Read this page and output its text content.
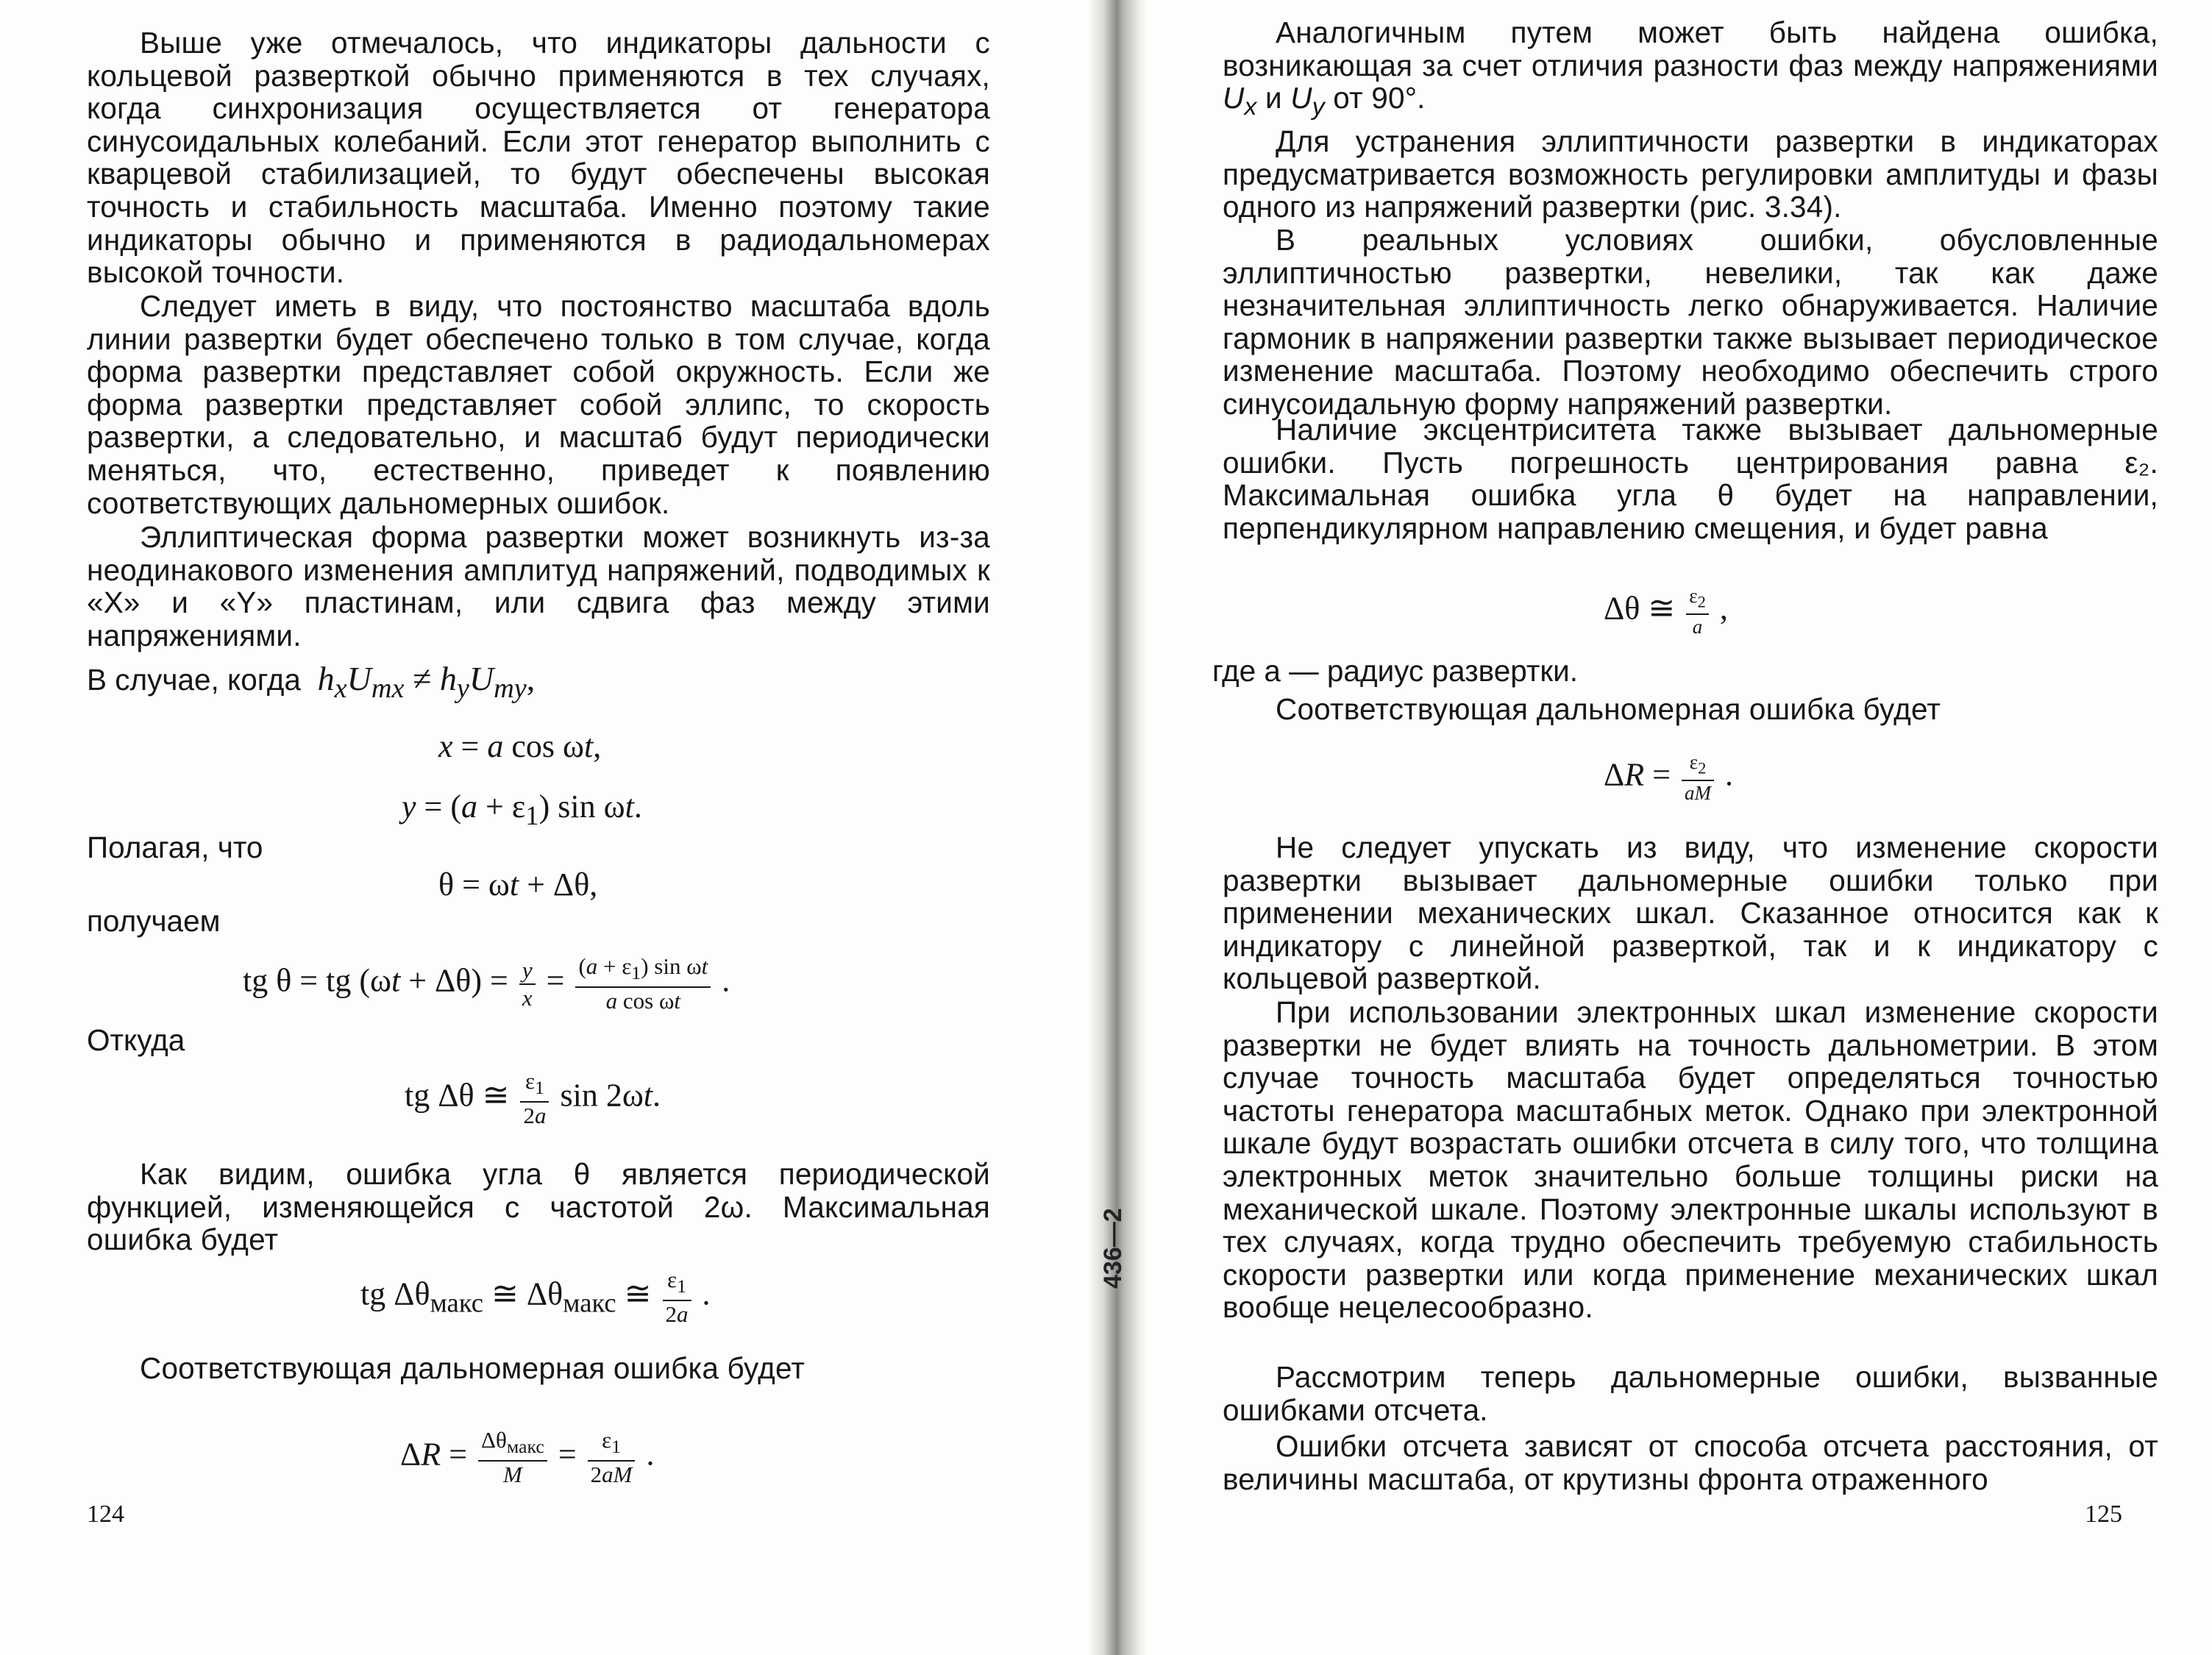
Выше уже отмечалось, что индикаторы дальности с кольцевой разверткой обычно применяются в тех случаях, когда синхронизация осуществляется от генератора синусоидальных колебаний. Если этот генератор выполнить с кварцевой стабилизацией, то будут обеспечены высокая точность и стабильность масштаба. Именно поэтому такие индикаторы обычно и применяются в радиодальномерах высокой точности.

Следует иметь в виду, что постоянство масштаба вдоль линии развертки будет обеспечено только в том случае, когда форма развертки представляет собой окружность. Если же форма развертки представляет собой эллипс, то скорость развертки, а следовательно, и масштаб будут периодически меняться, что, естественно, приведет к появлению соответствующих дальномерных ошибок.

Эллиптическая форма развертки может возникнуть из-за неодинакового изменения амплитуд напряжений, подводимых к «X» и «Y» пластинам, или сдвига фаз между этими напряжениями.

В случае, когда $h_xU_{mx} \ne h_yU_{my}$,
x = a cos ωt,
$y = (a + \varepsilon_1)$ sin ωt.

Полагая, что

θ = ωt + Δθ,

получаем

tg θ = tg $(\omega t + \Delta\theta) = \frac{y}{x} = \frac{(a + \varepsilon_1) \sin \omega t}{\text{a cos ωt}}$ .

Откуда

tg Δθ ≅ $\frac{\varepsilon_1}{2a}$ sin 2ωt.

Как видим, ошибка угла θ является периодической функцией, изменяющейся с частотой 2ω. Максимальная ошибка будет

tg $\Delta\theta_{макс}$ ≅ $\Delta\theta_{макс}$ ≅ $\frac{\varepsilon_1}{2a}$ .

Соответствующая дальномерная ошибка будет

$\Delta R = \frac{\Delta\theta_{макс}}{M} = \frac{\varepsilon_1}{2aM}$ .

124

436—2

Аналогичным путем может быть найдена ошибка, возникающая за счет отличия разности фаз между напряжениями $U_x$ и $U_y$ от 90°.

Для устранения эллиптичности развертки в индикаторах предусматривается возможность регулировки амплитуды и фазы одного из напряжений развертки (рис. 3.34).

В реальных условиях ошибки, обусловленные эллиптичностью развертки, невелики, так как даже незначительная эллиптичность легко обнаруживается. Наличие гармоник в напряжении развертки также вызывает периодическое изменение масштаба. Поэтому необходимо обеспечить строго синусоидальную форму напряжений развертки.

Наличие эксцентриситета также вызывает дальномерные ошибки. Пусть погрешность центрирования равна ε₂. Максимальная ошибка угла θ будет на направлении, перпендикулярном направлению смещения, и будет равна

Δθ ≅ $\frac{\varepsilon_2}{a}$ ,

где a — радиус развертки.

Соответствующая дальномерная ошибка будет

$\Delta R = \frac{\varepsilon_2}{aM}$ .

Не следует упускать из виду, что изменение скорости развертки вызывает дальномерные ошибки только при применении механических шкал. Сказанное относится как к индикатору с линейной разверткой, так и к индикатору с кольцевой разверткой.

При использовании электронных шкал изменение скорости развертки не будет влиять на точность дальнометрии. В этом случае точность масштаба будет определяться точностью частоты генератора масштабных меток. Однако при электронной шкале будут возрастать ошибки отсчета в силу того, что толщина электронных меток значительно больше толщины риски на механической шкале. Поэтому электронные шкалы используют в тех случаях, когда трудно обеспечить требуемую стабильность скорости развертки или когда применение механических шкал вообще нецелесообразно.

Рассмотрим теперь дальномерные ошибки, вызванные ошибками отсчета.

Ошибки отсчета зависят от способа отсчета расстояния, от величины масштаба, от крутизны фронта отраженного

125
